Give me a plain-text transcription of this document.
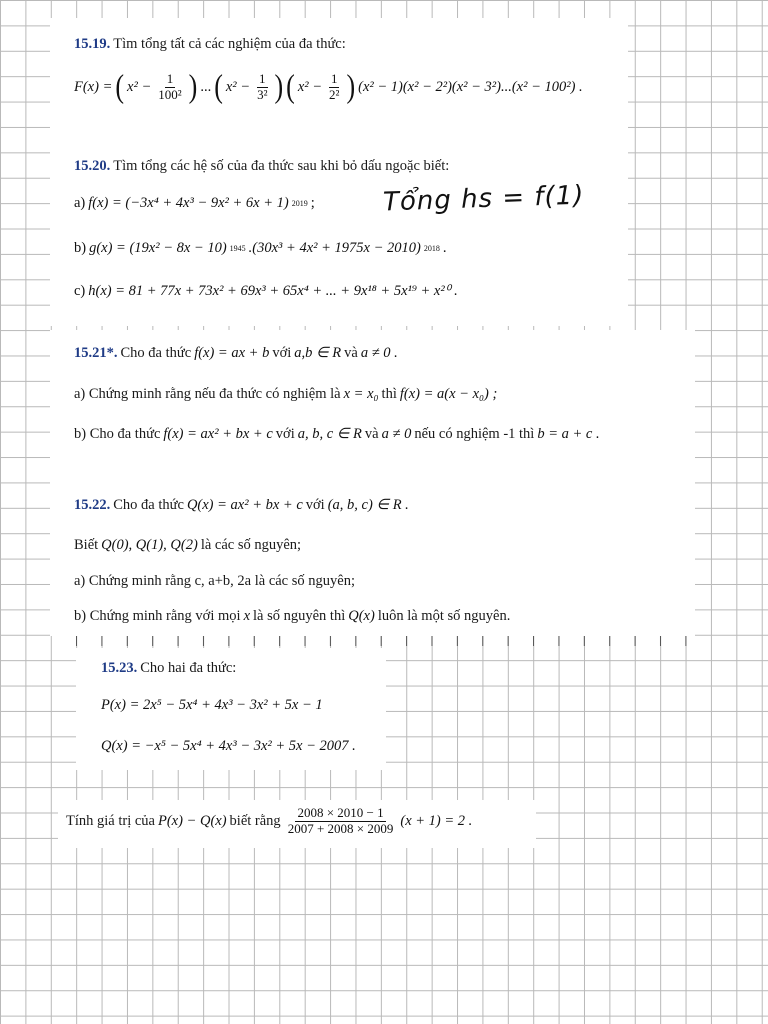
15.19. Tìm tổng tất cả các nghiệm của đa thức:
F(x) = ( $x^2 - \frac{1}{\text{100²}}$ ) ... ( $x^2 - \frac{1}{\text{3²}}$ ) ( $x^2 - \frac{1}{\text{2²}}$ ) (x² − 1)(x² − 2²)(x² − 3²)...(x² − 100²) .
15.20. Tìm tổng các hệ số của đa thức sau khi bỏ dấu ngoặc biết:
a) f(x) = (−3x⁴ + 4x³ − 9x² + 6x + 1) 2019 ;	Tổng hs = f(1)
b) g(x) = (19x² − 8x − 10) 1945 .(30x³ + 4x² + 1975x − 2010) 2018 .
c) h(x) = 81 + 77x + 73x² + 69x³ + 65x⁴ + ... + 9x¹⁸ + 5x¹⁹ + x²⁰ .
15.21*. Cho đa thức f(x) = ax + b với a,b ∈ R và a ≠ 0 .
a) Chứng minh rằng nếu đa thức có nghiệm là x = x₀ thì f(x) = a(x − x₀) ;
b) Cho đa thức f(x) = ax² + bx + c với a, b, c ∈ R và a ≠ 0 nếu có nghiệm -1 thì b = a + c .
15.22. Cho đa thức Q(x) = ax² + bx + c với (a, b, c) ∈ R .
Biết Q(0), Q(1), Q(2) là các số nguyên;
a) Chứng minh rằng c, a+b, 2a là các số nguyên;
b) Chứng minh rằng với mọi x là số nguyên thì Q(x) luôn là một số nguyên.
15.23. Cho hai đa thức:
P(x) = 2x⁵ − 5x⁴ + 4x³ − 3x² + 5x − 1
Q(x) = −x⁵ − 5x⁴ + 4x³ − 3x² + 5x − 2007 .
Tính giá trị của P(x) − Q(x) biết rằng $\frac{2008 \times 2010 - 1}{2007 + 2008 \times 2009} (x + 1) = 2$ .
